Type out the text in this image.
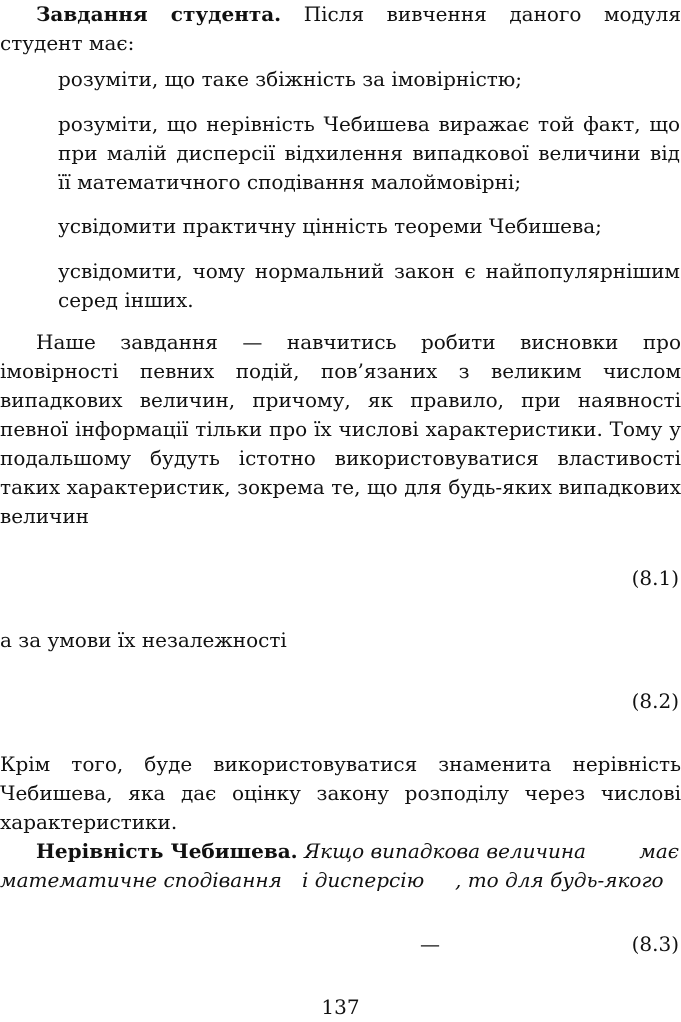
Завдання студента. Після вивчення даного модуля студент має:
розуміти, що таке збіжність за імовірністю;
розуміти, що нерівність Чебишева виражає той факт, що при малій дисперсії відхилення випадкової величини від її математичного сподівання малоймовірні;
усвідомити практичну цінність теореми Чебишева;
усвідомити, чому нормальний закон є найпопулярнішим серед інших.
Наше завдання — навчитись робити висновки про імовірності певних подій, пов’язаних з великим числом випадкових величин, причому, як правило, при наявності певної інформації тільки про їх числові характеристики. Тому у подальшому будуть істотно використовуватися властивості таких характеристик, зокрема те, що для будь-яких випадкових величин
(8.1)
а за умови їх незалежності
(8.2)
Крім того, буде використовуватися знаменита нерівність Чебишева, яка дає оцінку закону розподілу через числові характеристики.
Нерівність Чебишева. Якщо випадкова величина	має
математичне сподівання і дисперсію , то для будь-якого
—	(8.3)
137
